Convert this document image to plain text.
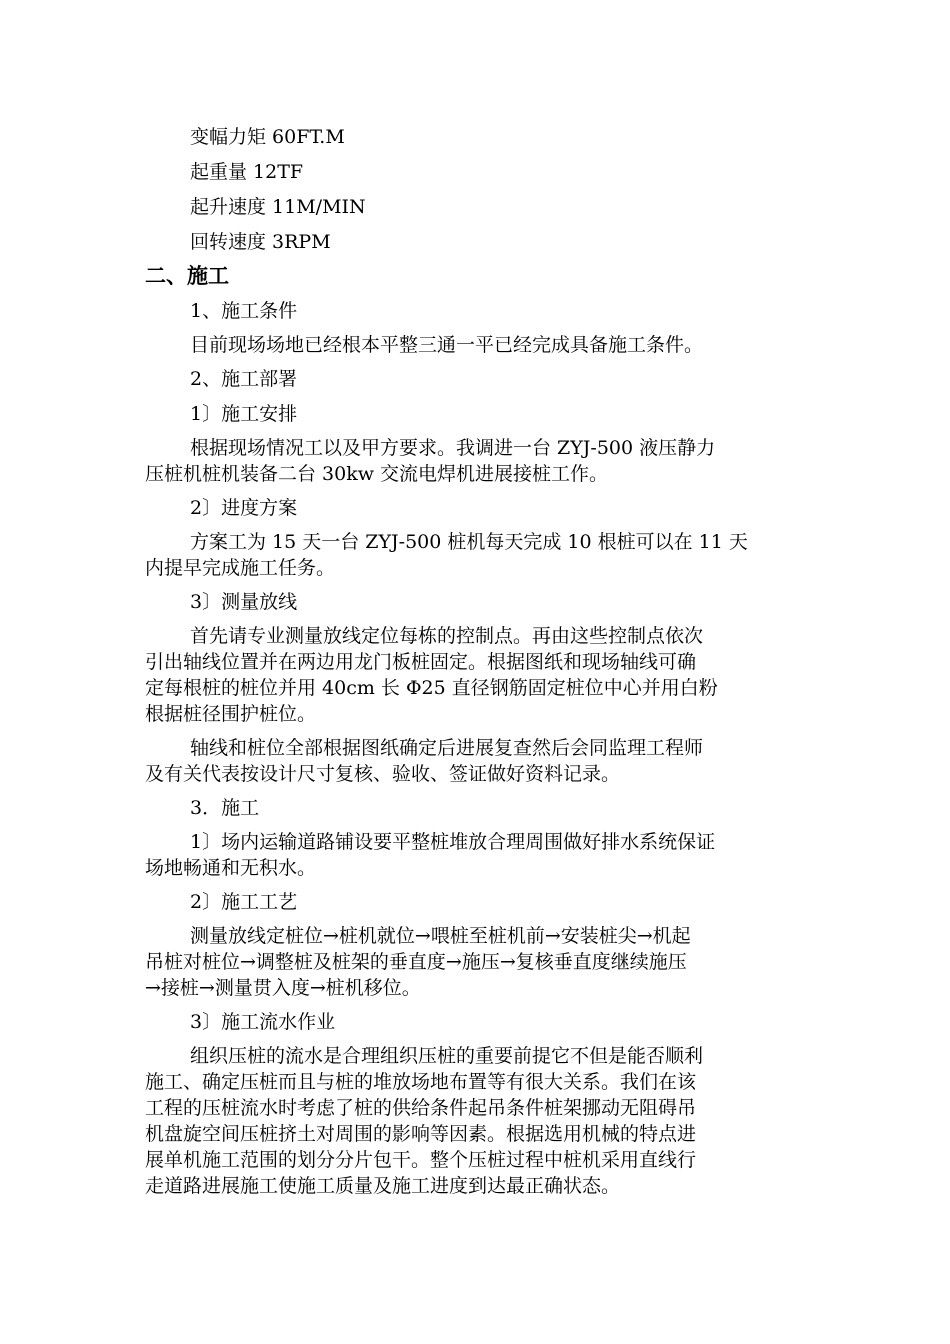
变幅力矩 60FT.M
起重量 12TF
起升速度 11M/MIN
回转速度 3RPM
二、施工
1、施工条件
目前现场场地已经根本平整三通一平已经完成具备施工条件。
2、施工部署
1〕施工安排
根据现场情况工以及甲方要求。我调进一台 ZYJ-500 液压静力
压桩机桩机装备二台 30kw 交流电焊机进展接桩工作。
2〕进度方案
方案工为 15 天一台 ZYJ-500 桩机每天完成 10 根桩可以在 11 天
内提早完成施工任务。
3〕测量放线
首先请专业测量放线定位每栋的控制点。再由这些控制点依次
引出轴线位置并在两边用龙门板桩固定。根据图纸和现场轴线可确
定每根桩的桩位并用 40cm 长 Φ25 直径钢筋固定桩位中心并用白粉
根据桩径围护桩位。
轴线和桩位全部根据图纸确定后进展复查然后会同监理工程师
及有关代表按设计尺寸复核、验收、签证做好资料记录。
3．施工
1〕场内运输道路铺设要平整桩堆放合理周围做好排水系统保证
场地畅通和无积水。
2〕施工工艺
测量放线定桩位→桩机就位→喂桩至桩机前→安装桩尖→机起
吊桩对桩位→调整桩及桩架的垂直度→施压→复核垂直度继续施压
→接桩→测量贯入度→桩机移位。
3〕施工流水作业
组织压桩的流水是合理组织压桩的重要前提它不但是能否顺利
施工、确定压桩而且与桩的堆放场地布置等有很大关系。我们在该
工程的压桩流水时考虑了桩的供给条件起吊条件桩架挪动无阻碍吊
机盘旋空间压桩挤土对周围的影响等因素。根据选用机械的特点进
展单机施工范围的划分分片包干。整个压桩过程中桩机采用直线行
走道路进展施工使施工质量及施工进度到达最正确状态。
